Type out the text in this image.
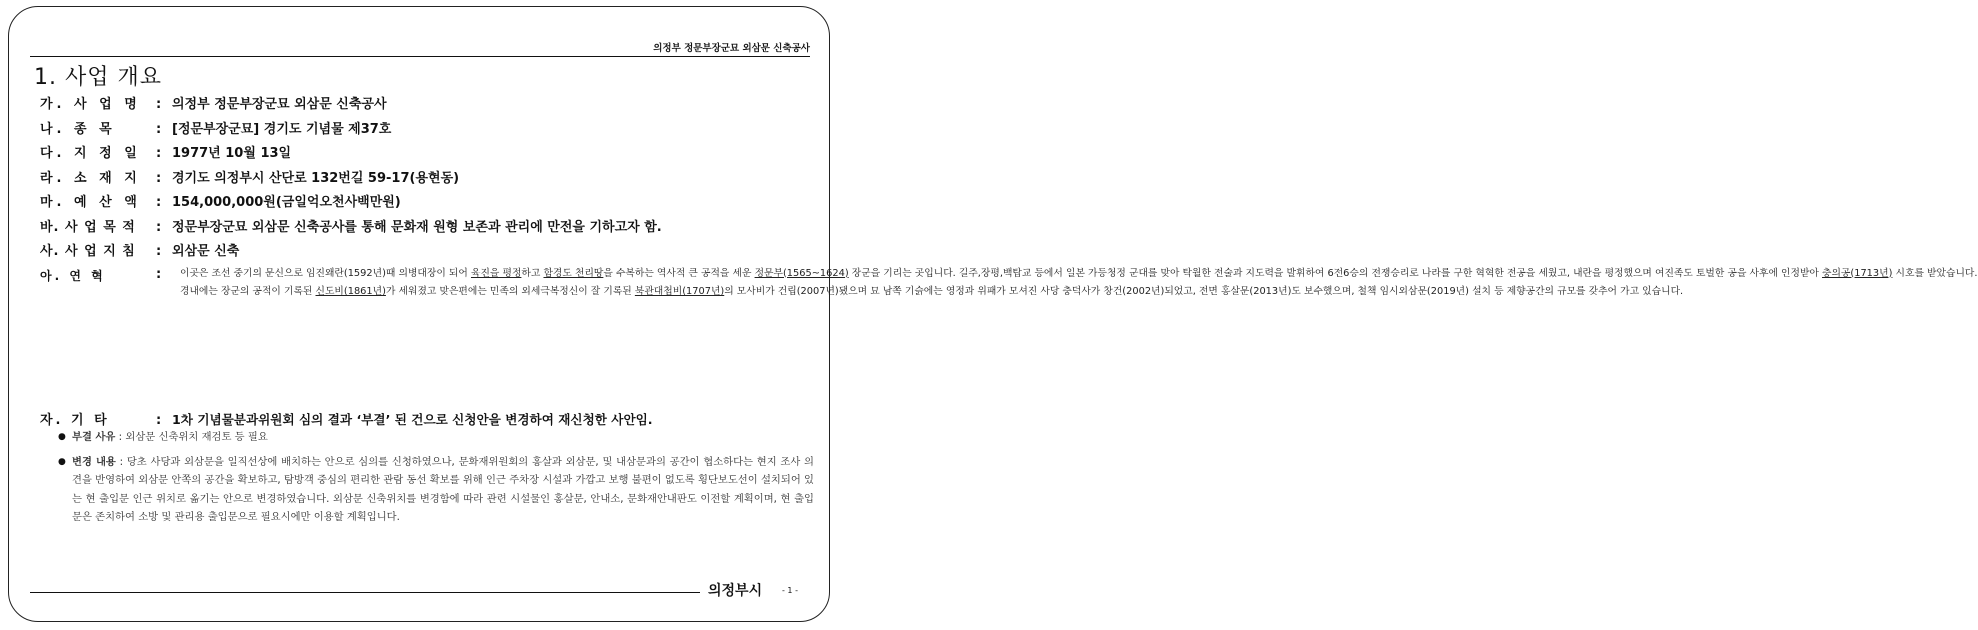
의정부 정문부장군묘 외삼문 신축공사
1. 사업 개요
가. 사 업 명	: 의정부 정문부장군묘 외삼문 신축공사
나. 종 목	: [정문부장군묘] 경기도 기념물 제37호
다. 지 정 일	: 1977년 10월 13일
라. 소 재 지	: 경기도 의정부시 산단로 132번길 59-17(용현동)
마. 예 산 액	: 154,000,000원(금일억오천사백만원)
바. 사 업 목 적	: 정문부장군묘 외삼문 신축공사를 통해 문화재 원형 보존과 관리에 만전을 기하고자 함.
사. 사 업 지 침	: 외삼문 신축
아. 연 혁	:	이곳은 조선 중기의 문신으로 임진왜란(1592년)때 의병대장이 되어 육진을 평정하고 함경도 천리땅을 수복하는 역사적 큰 공적을 세운 정문부(1565~1624) 장군을 기리는 곳입니다. 길주,장평,백탑교 등에서 일본 가등청정 군대를 맞아 탁월한 전술과 지도력을 발휘하여 6전6승의 전쟁승리로 나라를 구한 혁혁한 전공을 세웠고, 내란을 평정했으며 여진족도 토벌한 공을 사후에 인정받아 충의공(1713년) 시호를 받았습니다.
경내에는 장군의 공적이 기록된 신도비(1861년)가 세워졌고 맞은편에는 민족의 외세극복정신이 잘 기록된 북관대첩비(1707년)의 모사비가 건립(2007년)됐으며 묘 남쪽 기슭에는 영정과 위패가 모셔진 사당 충덕사가 창건(2002년)되었고, 전면 홍살문(2013년)도 보수했으며, 철책 임시외삼문(2019년) 설치 등 제향공간의 규모를 갖추어 가고 있습니다.
자. 기 타	: 1차 기념물분과위원회 심의 결과 ‘부결’ 된 건으로 신청안을 변경하여 재신청한 사안임.
● 부결 사유 : 외삼문 신축위치 재검토 등 필요
● 변경 내용 : 당초 사당과 외삼문을 일직선상에 배치하는 안으로 심의를 신청하였으나, 문화재위원회의 홍살과 외삼문, 및 내삼문과의 공간이 협소하다는 현지 조사 의견을 반영하여 외삼문 안쪽의 공간을 확보하고, 탐방객 중심의 편리한 관람 동선 확보를 위해 인근 주차장 시설과 가깝고 보행 불편이 없도록 횡단보도선이 설치되어 있는 현 출입문 인근 위치로 옮기는 안으로 변경하였습니다. 외삼문 신축위치를 변경함에 따라 관련 시설물인 홍살문, 안내소, 문화재안내판도 이전할 계획이며, 현 출입문은 존치하여 소방 및 관리용 출입문으로 필요시에만 이용할 계획입니다.
의정부시 - 1 -
